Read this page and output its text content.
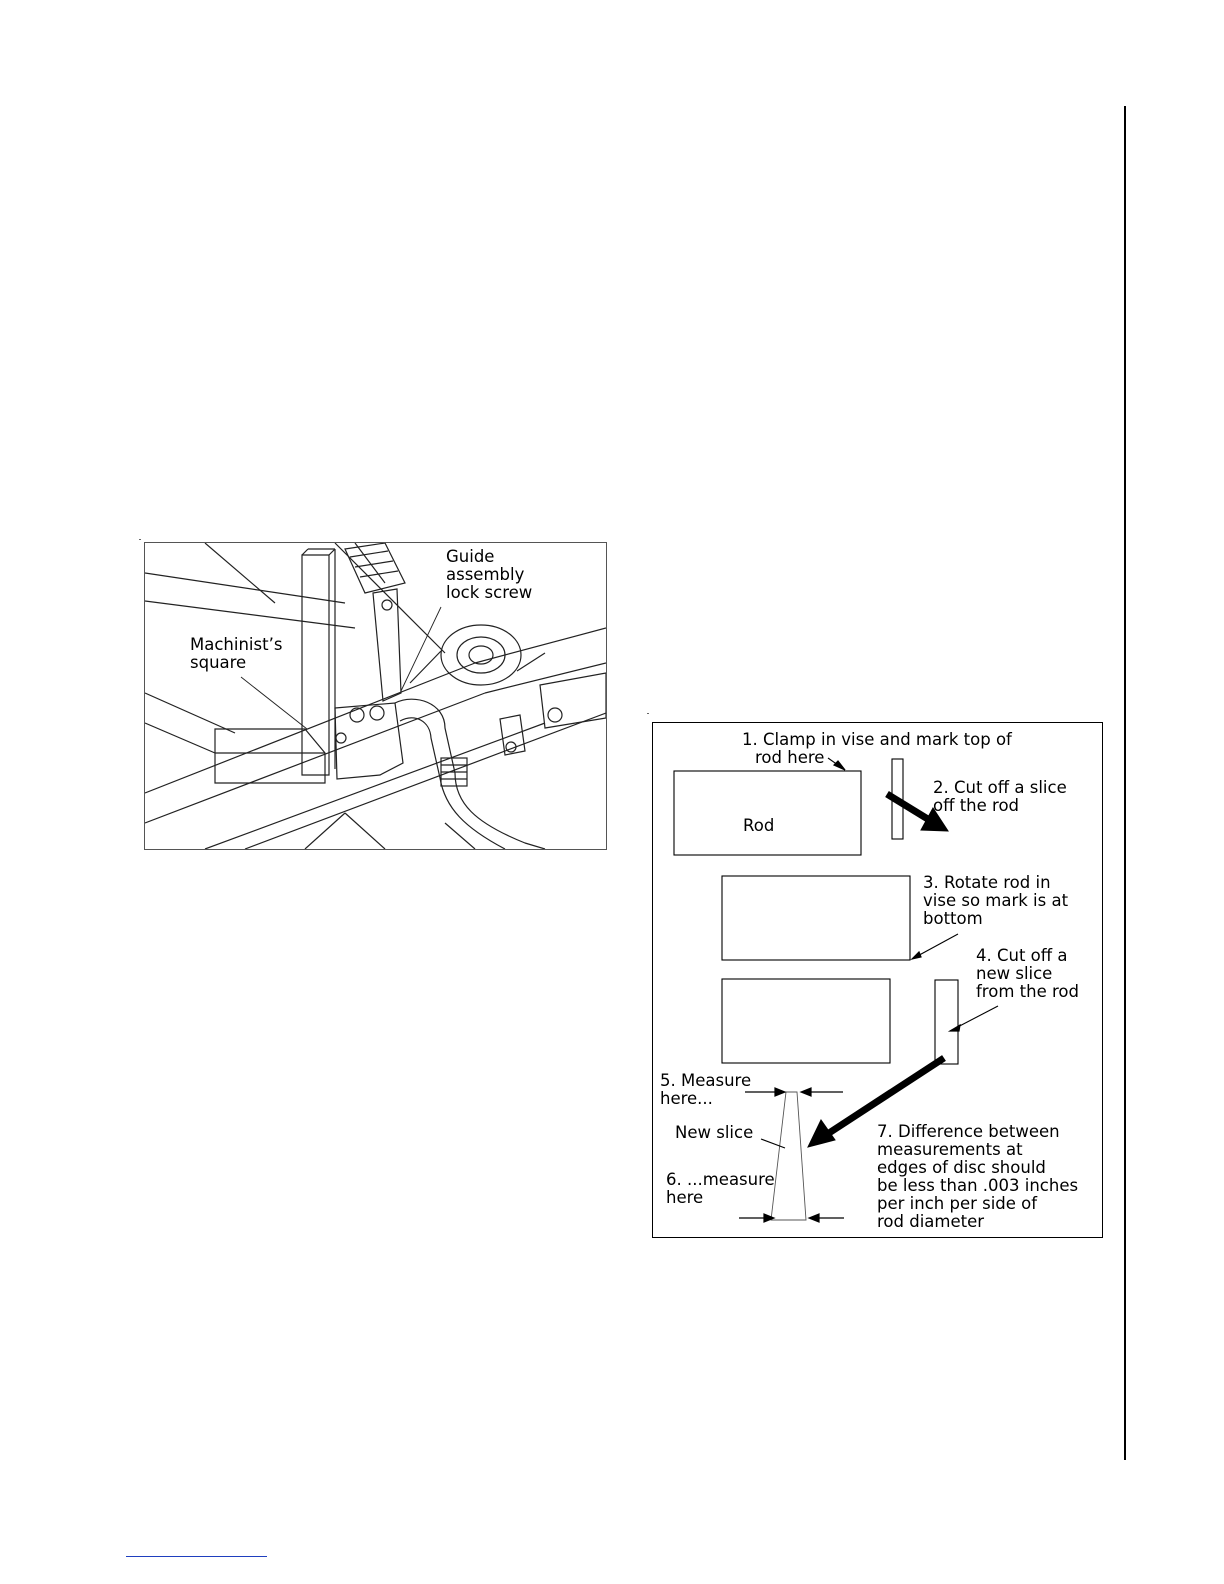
Guide
assembly
lock screw
Machinist’s
square
1. Clamp in vise and mark top of
rod here
Rod
2. Cut off a slice
off the rod
3. Rotate rod in
vise so mark is at
bottom
4. Cut off a
new slice
from the rod
5. Measure
here...
New slice
6. ...measure
here
7. Difference between
measurements at
edges of disc should
be less than .003 inches
per inch per side of
rod diameter
